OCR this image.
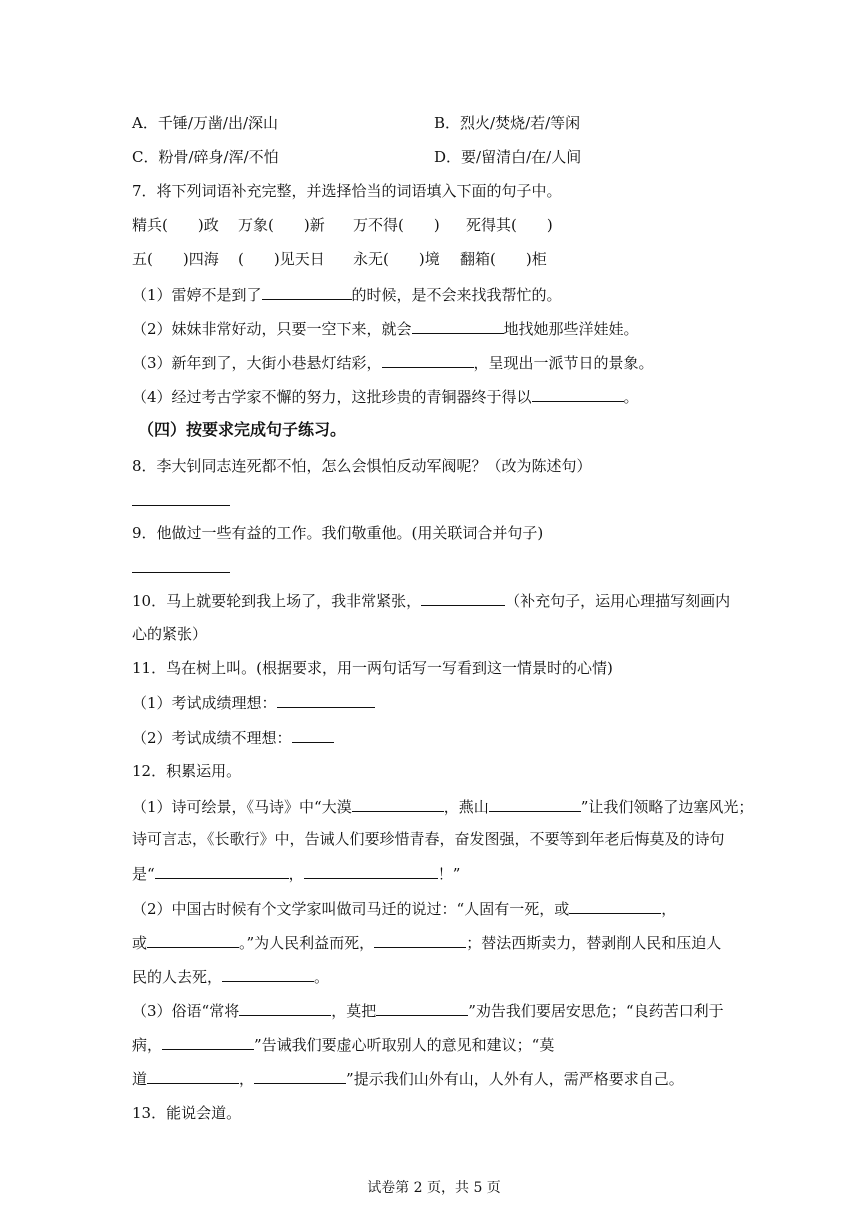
A．千锤/万凿/出/深山	B．烈火/焚烧/若/等闲
C．粉骨/碎身/浑/不怕	D．要/留清白/在/人间
7．将下列词语补充完整，并选择恰当的词语填入下面的句子中。
精兵(　　)政 万象(　　)新 万不得(　　) 死得其(　　)
五(　　)四海 (　　)见天日 永无(　　)境 翻箱(　　)柜
（1）雷婷不是到了	的时候，是不会来找我帮忙的。
（2）妹妹非常好动，只要一空下来，就会	地找她那些洋娃娃。
（3）新年到了，大街小巷悬灯结彩，	，呈现出一派节日的景象。
（4）经过考古学家不懈的努力，这批珍贵的青铜器终于得以	。
（四）按要求完成句子练习。
8．李大钊同志连死都不怕，怎么会惧怕反动军阀呢？（改为陈述句）
9．他做过一些有益的工作。我们敬重他。(用关联词合并句子)
10．马上就要轮到我上场了，我非常紧张，	（补充句子，运用心理描写刻画内
心的紧张）
11．鸟在树上叫。(根据要求，用一两句话写一写看到这一情景时的心情)
（1）考试成绩理想：
（2）考试成绩不理想：
12．积累运用。
（1）诗可绘景，《马诗》中“大漠	，燕山	”让我们领略了边塞风光；
诗可言志，《长歌行》中，告诫人们要珍惜青春，奋发图强，不要等到年老后悔莫及的诗句
是“	，	！”
（2）中国古时候有个文学家叫做司马迁的说过：“人固有一死，或	，
或	。”为人民利益而死，	；替法西斯卖力，替剥削人民和压迫人
民的人去死，	。
（3）俗语“常将	，莫把	”劝告我们要居安思危；“良药苦口利于
病，	”告诫我们要虚心听取别人的意见和建议；“莫
道	，	”提示我们山外有山，人外有人，需严格要求自己。
13．能说会道。
试卷第 2 页，共 5 页
